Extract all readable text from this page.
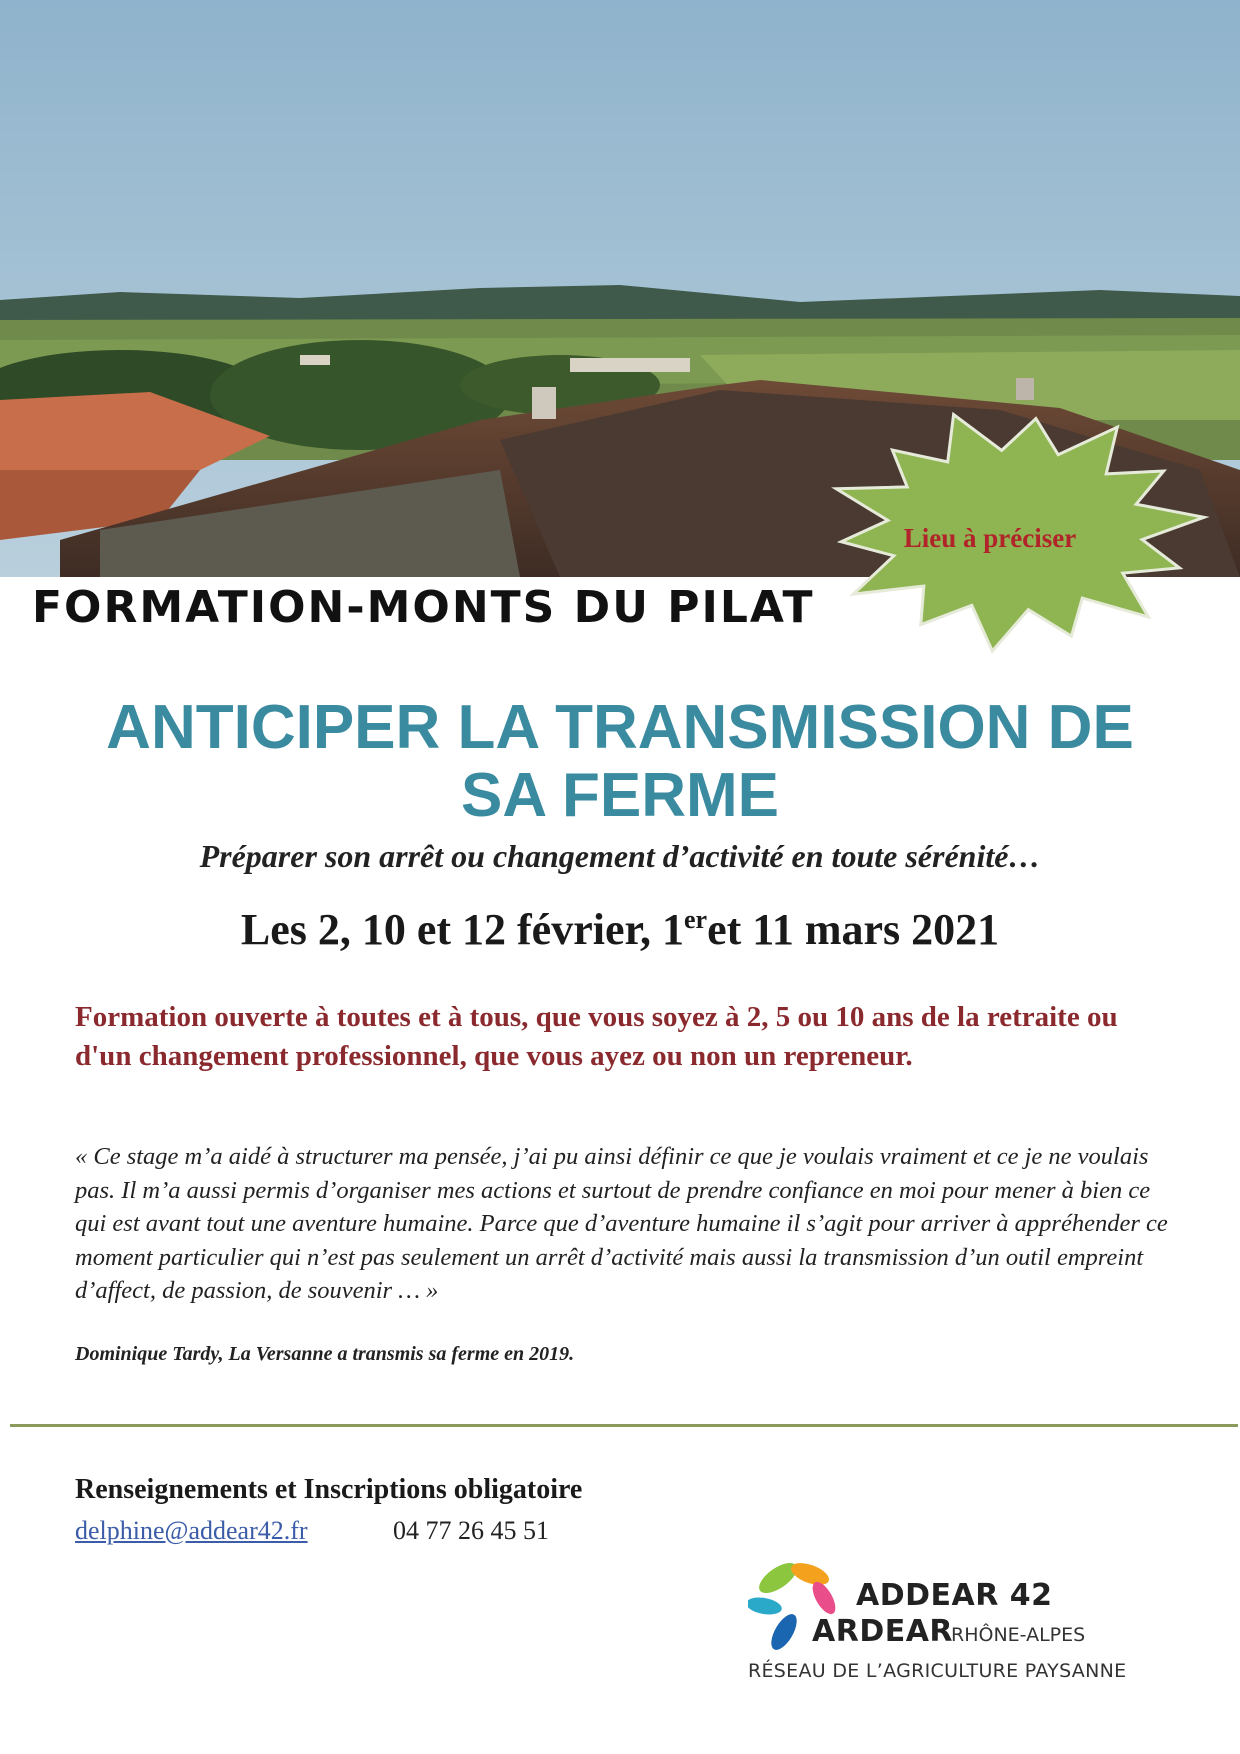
Lieu à préciser
FORMATION-MONTS DU PILAT
ANTICIPER LA TRANSMISSION DE
SA FERME
Préparer son arrêt ou changement d’activité en toute sérénité…
Les 2, 10 et 12 février, 1eret 11 mars 2021
Formation ouverte à toutes et à tous, que vous soyez à 2, 5 ou 10 ans de la retraite ou d'un changement professionnel, que vous ayez ou non un repreneur.
« Ce stage m’a aidé à structurer ma pensée, j’ai pu ainsi définir ce que je voulais vraiment et ce je ne voulais pas. Il m’a aussi permis d’organiser mes actions et surtout de prendre confiance en moi pour mener à bien ce qui est avant tout une aventure humaine. Parce que d’aventure humaine il s’agit pour arriver à appréhender ce moment particulier qui n’est pas seulement un arrêt d’activité mais aussi la transmission d’un outil empreint d’affect, de passion, de souvenir … »
Dominique Tardy, La Versanne a transmis sa ferme en 2019.
Renseignements et Inscriptions obligatoire
delphine@addear42.fr	04 77 26 45 51
ADDEAR 42
ARDEAR
RHÔNE-ALPES
RÉSEAU DE L’AGRICULTURE PAYSANNE
